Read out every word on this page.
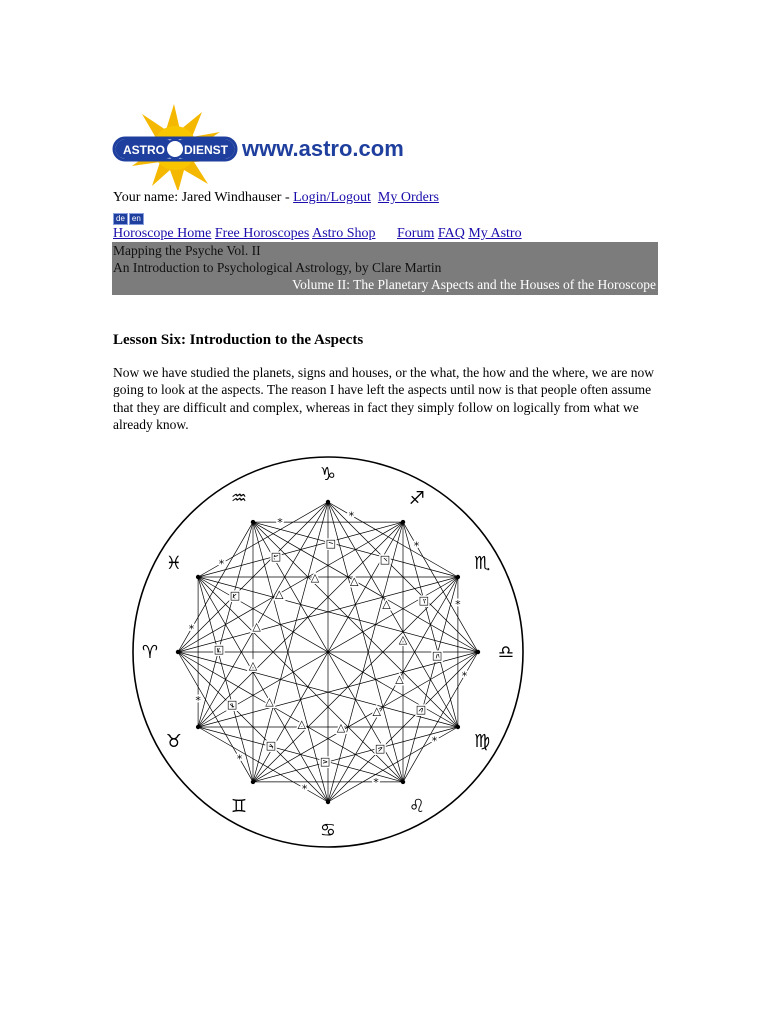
ASTRO DIENST www.astro.com
Your name: Jared Windhauser - Login/Logout My Orders
de en
Horoscope Home Free Horoscopes Astro Shop Forum FAQ My Astro
Mapping the Psyche Vol. II
An Introduction to Psychological Astrology, by Clare Martin
Volume II: The Planetary Aspects and the Houses of the Horoscope
Lesson Six: Introduction to the Aspects

Now we have studied the planets, signs and houses, or the what, the how and the where, we are now going to look at the aspects. The reason I have left the aspects until now is that people often assume that they are difficult and complex, whereas in fact they simply follow on logically from what we already know.

□
△
*
□
△
*
□
△
*
□
△
*
□
△
*
□
△
*
□
△
*
□
△
*
□
△
*
□	△
*
□
△
*
□
△
*
♑
♐
♏
♎
♍
♌
♋
♊
♉
♈
♓
♒
